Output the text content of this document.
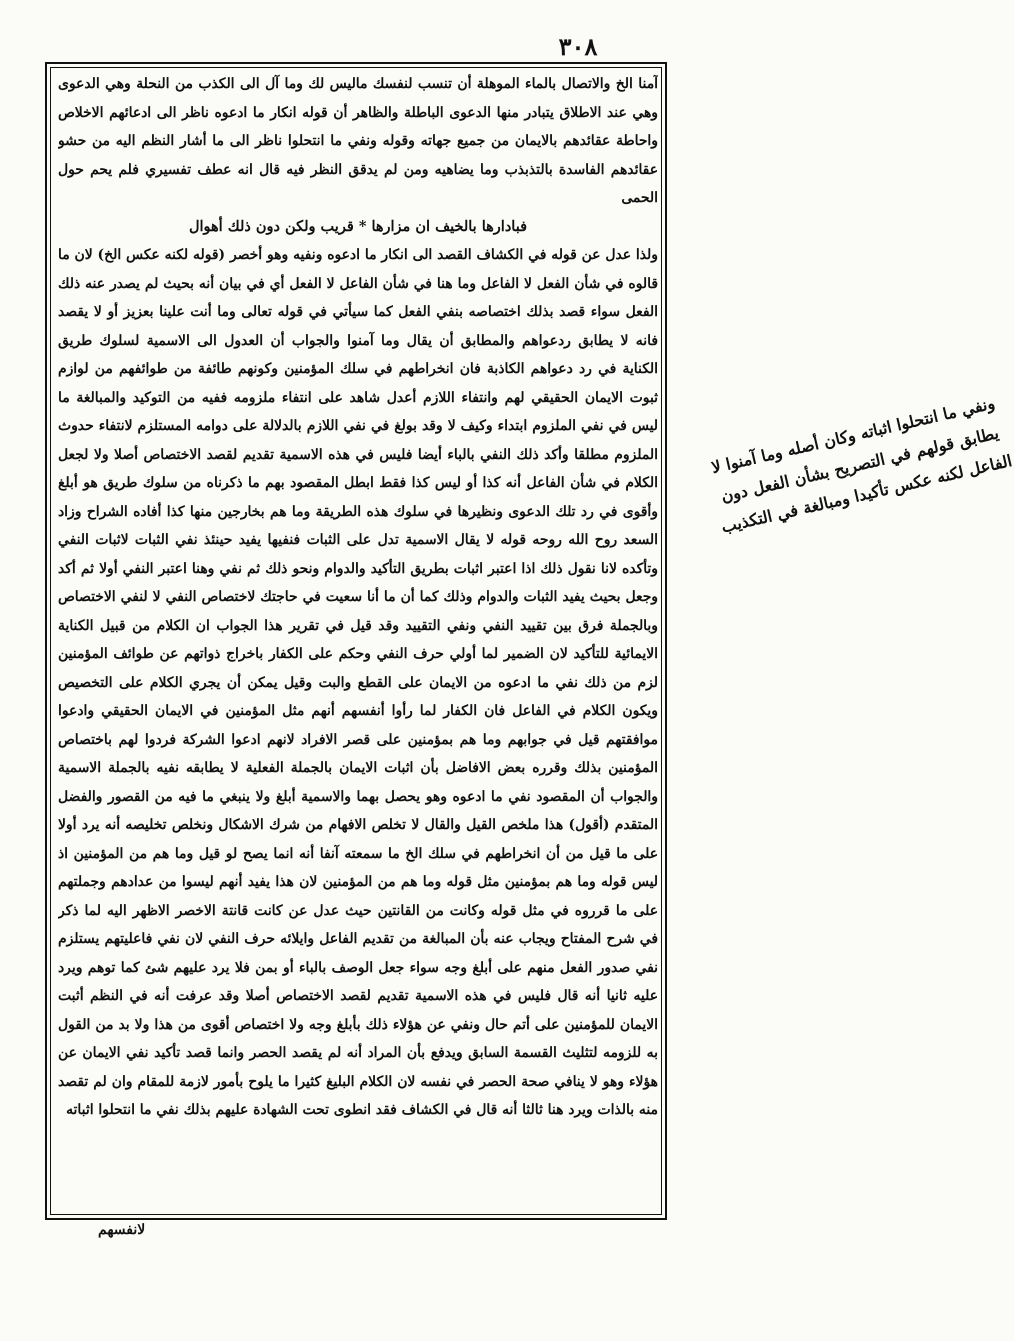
٣٠٨

آمنا الخ والاتصال بالماء الموهلة أن تنسب لنفسك ماليس لك وما آل الى الكذب من النحلة وهي الدعوى وهي عند الاطلاق يتبادر منها الدعوى الباطلة والظاهر أن قوله انكار ما ادعوه ناظر الى ادعائهم الاخلاص واحاطة عقائدهم بالايمان من جميع جهاته وقوله ونفي ما انتحلوا ناظر الى ما أشار النظم اليه من حشو عقائدهم الفاسدة بالتذبذب وما يضاهيه ومن لم يدقق النظر فيه قال انه عطف تفسيري فلم يحم حول الحمى

فبادارها بالخيف ان مزارها * قريب ولكن دون ذلك أهوال

ولذا عدل عن قوله في الكشاف القصد الى انكار ما ادعوه ونفيه وهو أخصر (قوله لكنه عكس الخ) لان ما قالوه في شأن الفعل لا الفاعل وما هنا في شأن الفاعل لا الفعل أي في بيان أنه بحيث لم يصدر عنه ذلك الفعل سواء قصد بذلك اختصاصه بنفي الفعل كما سيأتي في قوله تعالى وما أنت علينا بعزيز أو لا يقصد فانه لا يطابق ردعواهم والمطابق أن يقال وما آمنوا والجواب أن العدول الى الاسمية لسلوك طريق الكناية في رد دعواهم الكاذبة فان انخراطهم في سلك المؤمنين وكونهم طائفة من طوائفهم من لوازم ثبوت الايمان الحقيقي لهم وانتفاء اللازم أعدل شاهد على انتفاء ملزومه ففيه من التوكيد والمبالغة ما ليس في نفي الملزوم ابتداء وكيف لا وقد بولغ في نفي اللازم بالدلالة على دوامه المستلزم لانتفاء حدوث الملزوم مطلقا وأكد ذلك النفي بالباء أيضا فليس في هذه الاسمية تقديم لقصد الاختصاص أصلا ولا لجعل الكلام في شأن الفاعل أنه كذا أو ليس كذا فقط ابطل المقصود بهم ما ذكرناه من سلوك طريق هو أبلغ وأقوى في رد تلك الدعوى ونظيرها في سلوك هذه الطريقة وما هم بخارجين منها كذا أفاده الشراح وزاد السعد روح الله روحه قوله لا يقال الاسمية تدل على الثبات فنفيها يفيد حينئذ نفي الثبات لاثبات النفي وتأكده لانا نقول ذلك اذا اعتبر اثبات بطريق التأكيد والدوام ونحو ذلك ثم نفي وهنا اعتبر النفي أولا ثم أكد وجعل بحيث يفيد الثبات والدوام وذلك كما أن ما أنا سعيت في حاجتك لاختصاص النفي لا لنفي الاختصاص وبالجملة فرق بين تقييد النفي ونفي التقييد وقد قيل في تقرير هذا الجواب ان الكلام من قبيل الكناية الايمائية للتأكيد لان الضمير لما أولي حرف النفي وحكم على الكفار باخراج ذواتهم عن طوائف المؤمنين لزم من ذلك نفي ما ادعوه من الايمان على القطع والبت وقيل يمكن أن يجري الكلام على التخصيص ويكون الكلام في الفاعل فان الكفار لما رأوا أنفسهم أنهم مثل المؤمنين في الايمان الحقيقي وادعوا موافقتهم قيل في جوابهم وما هم بمؤمنين على قصر الافراد لانهم ادعوا الشركة فردوا لهم باختصاص المؤمنين بذلك وقرره بعض الافاضل بأن اثبات الايمان بالجملة الفعلية لا يطابقه نفيه بالجملة الاسمية والجواب أن المقصود نفي ما ادعوه وهو يحصل بهما والاسمية أبلغ ولا ينبغي ما فيه من القصور والفضل المتقدم (أقول) هذا ملخص القيل والقال لا تخلص الافهام من شرك الاشكال ونخلص تخليصه أنه يرد أولا على ما قيل من أن انخراطهم في سلك الخ ما سمعته آنفا أنه انما يصح لو قيل وما هم من المؤمنين اذ ليس قوله وما هم بمؤمنين مثل قوله وما هم من المؤمنين لان هذا يفيد أنهم ليسوا من عدادهم وجملتهم على ما قرروه في مثل قوله وكانت من القانتين حيث عدل عن كانت قانتة الاخصر الاظهر اليه لما ذكر في شرح المفتاح ويجاب عنه بأن المبالغة من تقديم الفاعل وايلائه حرف النفي لان نفي فاعليتهم يستلزم نفي صدور الفعل منهم على أبلغ وجه سواء جعل الوصف بالباء أو بمن فلا يرد عليهم شئ كما توهم ويرد عليه ثانيا أنه قال فليس في هذه الاسمية تقديم لقصد الاختصاص أصلا وقد عرفت أنه في النظم أثبت الايمان للمؤمنين على أتم حال ونفي عن هؤلاء ذلك بأبلغ وجه ولا اختصاص أقوى من هذا ولا بد من القول به للزومه لتثليث القسمة السابق ويدفع بأن المراد أنه لم يقصد الحصر وانما قصد تأكيد نفي الايمان عن هؤلاء وهو لا ينافي صحة الحصر في نفسه لان الكلام البليغ كثيرا ما يلوح بأمور لازمة للمقام وان لم تقصد منه بالذات ويرد هنا ثالثا أنه قال في الكشاف فقد انطوى تحت الشهادة عليهم بذلك نفي ما انتحلوا اثباته

ونفي ما انتحلوا اثباته وكان أصله وما آمنوا لا يطابق قولهم في التصريح بشأن الفعل دون الفاعل لكنه عكس تأكيدا ومبالغة في التكذيب
لانفسهم
